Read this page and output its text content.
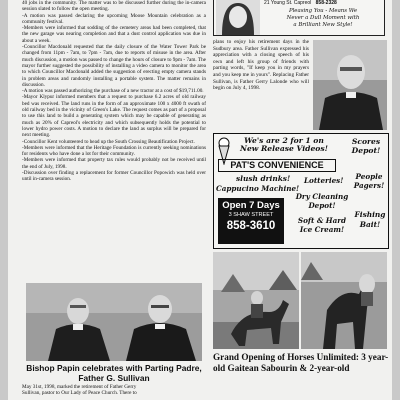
40 jobs in the community. The matter was to be discussed further during the in-camera session slated to follow the open meeting.
-A motion was passed declaring the upcoming Moose Mountain celebration as a community festival.
-Members were informed that sodding of the cemetery areas had been completed, that the new garage was nearing completion and that a dust control application was due in about a week.
-Councillor Macdonald requested that the daily closure of the Water Tower Park be changed from 11pm - 7am, to 7pm - 7am, due to reports of misuse in the area. After much discussion, a motion was passed to change the hours of closure to 9pm - 7am. The mayor further suggested the possibility of installing a video camera to monitor the area to which Councillor Macdonald added the suggestion of erecting empty camera stands in problem areas and randomly installing a portable system. The matter remains in discussion.
-A motion was passed authorizing the purchase of a new tractor at a cost of $19,711.00.
-Mayor Klypur informed members that a request to purchase 6.2 acres of old railway bed was received. The land runs in the form of an approximate 100 x 4000 ft swath of old railway bed in the vicinity of Green's Lake. The request comes as part of a proposal to use this land to build a generating system which may be capable of generating as much as 20% of Capreol's electricity and which subsequently holds the potential to lower hydro power costs. A motion to declare the land as surplus will be prepared for next meeting.
-Councillor Kent volunteered to head up the South Crossing Beautification Project.
-Members were informed that the Heritage Foundation is currently seeking nominations for residents who have done a lot for their community.
-Members were informed that property tax rules would probably not be received until the end of July, 1998.
-Discussion over finding a replacement for former Councillor Popowich was held over until in-camera session.

Bishop Papin celebrates with Parting Padre, Father G. Sullivan

May 31st, 1998, marked the retirement of Father Gerry

Sullivan, pastor to Our Lady of Peace Church. There to

21 Young St. Capreol 858-2328
Pleasing You - Means We
Never a Dull Moment with
a Brilliant New Style!

plans to enjoy his retirement days in the Sudbury area. Father Sullivan expressed his appreciation with a closing speech of his own and left his group of friends with parting words, "If keep you in my prayers and you keep me in yours". Replacing Father Sullivan, is Father Gerry Lalonde who will begin on July 4, 1998.

We's are 2 for 1 on
New Release Videos!
Scores Depot!
PAT'S CONVENIENCE
slush drinks!
Cappucino Machine!
Lotteries!	People Pagers!
Dry Cleaning Depot!
Soft & Hard Ice Cream!
Fishing Bait!
Open 7 Days
3 SHAW STREET
858-3610

Grand Opening of Horses Unlimited: 3 year-old Gaitean Sabourin & 2-year-old
